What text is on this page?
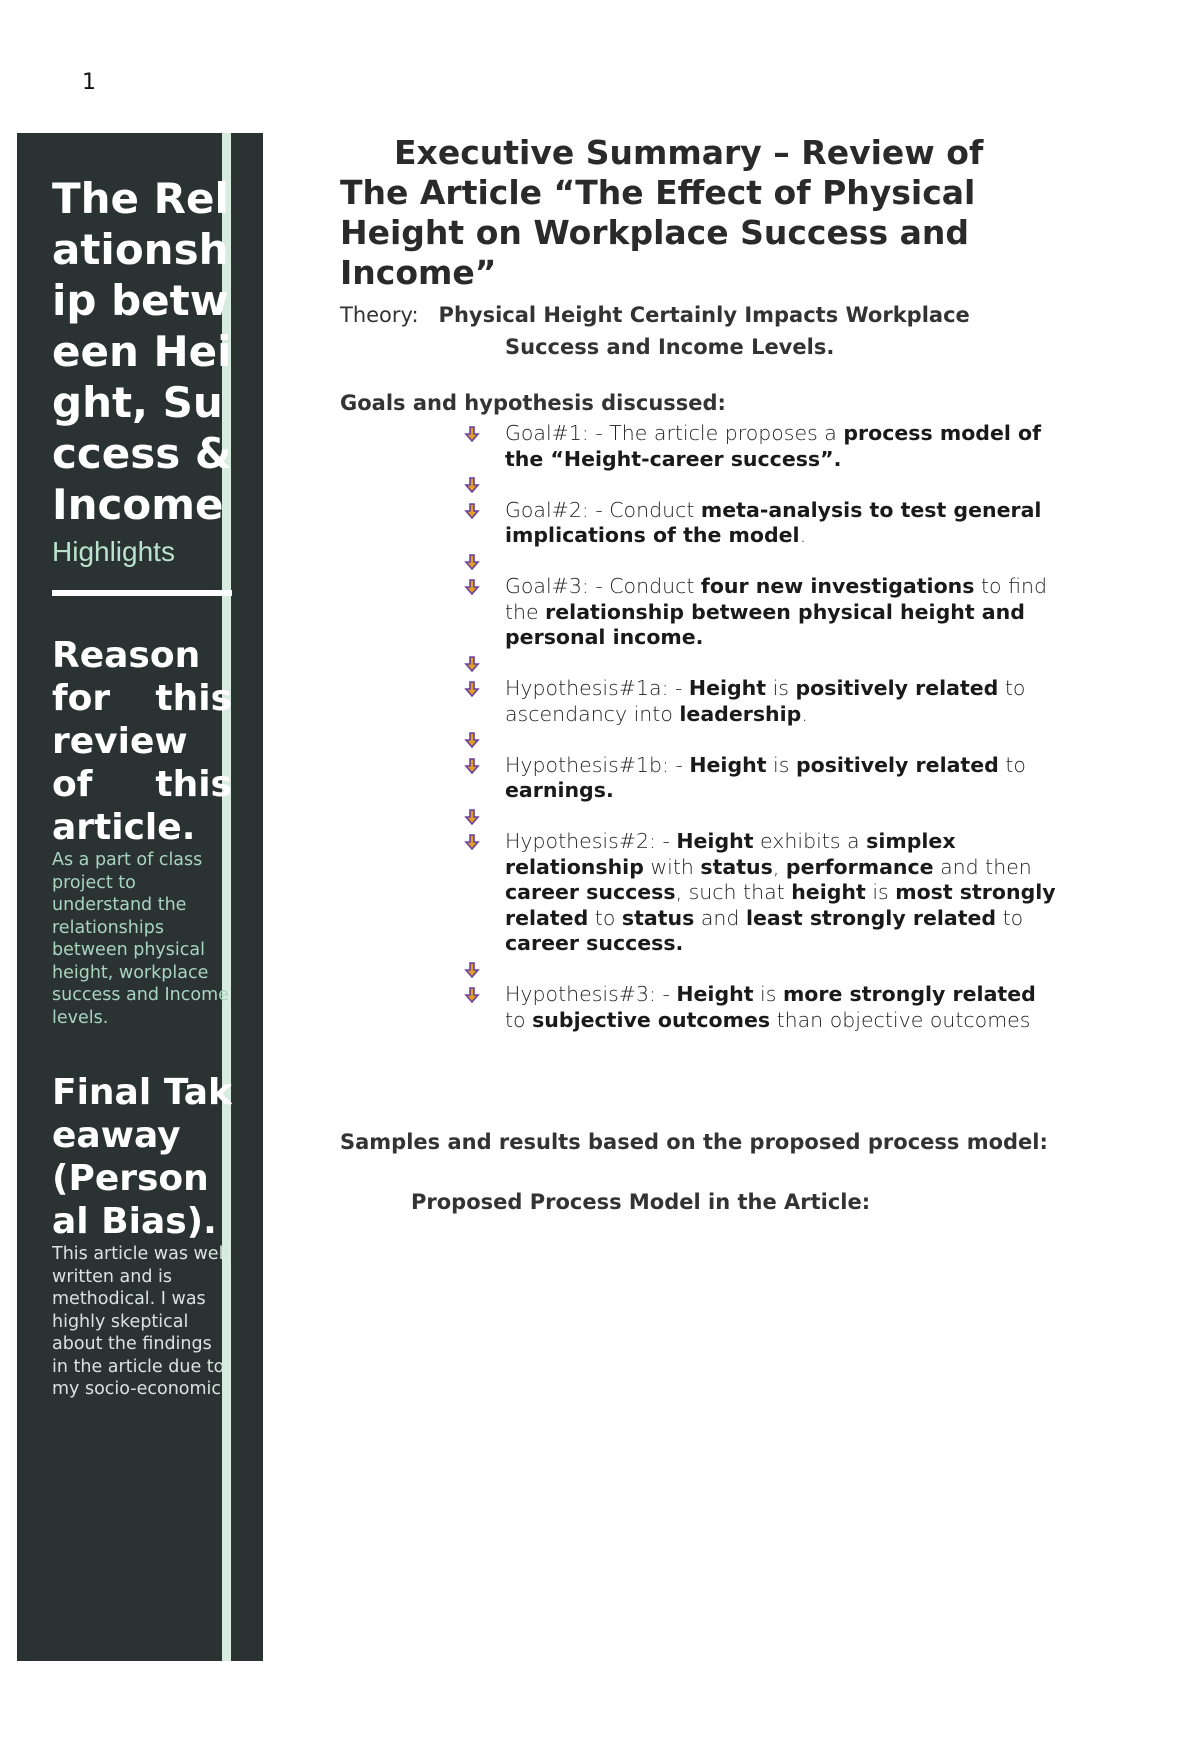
1
The Relationship between Height, Success & Income
Highlights
Reason for this review of this article.

As a part of class project to understand the relationships between physical height, workplace success and Income levels.

Final Takeaway (Personal Bias).

This article was well written and is methodical. I was highly skeptical about the findings in the article due to my socio-economic

Executive Summary – Review of The Article “The Effect of Physical Height on Workplace Success and Income”
Theory: Physical Height Certainly Impacts Workplace
Success and Income Levels.
Goals and hypothesis discussed:
Goal#1: - The article proposes a process model of the “Height-career success”.
Goal#2: - Conduct meta-analysis to test general implications of the model.
Goal#3: - Conduct four new investigations to find the relationship between physical height and personal income.
Hypothesis#1a: - Height is positively related to ascendancy into leadership.
Hypothesis#1b: - Height is positively related to earnings.
Hypothesis#2: - Height exhibits a simplex relationship with status, performance and then career success, such that height is most strongly related to status and least strongly related to career success.
Hypothesis#3: - Height is more strongly related to subjective outcomes than objective outcomes
Samples and results based on the proposed process model:
Proposed Process Model in the Article:
